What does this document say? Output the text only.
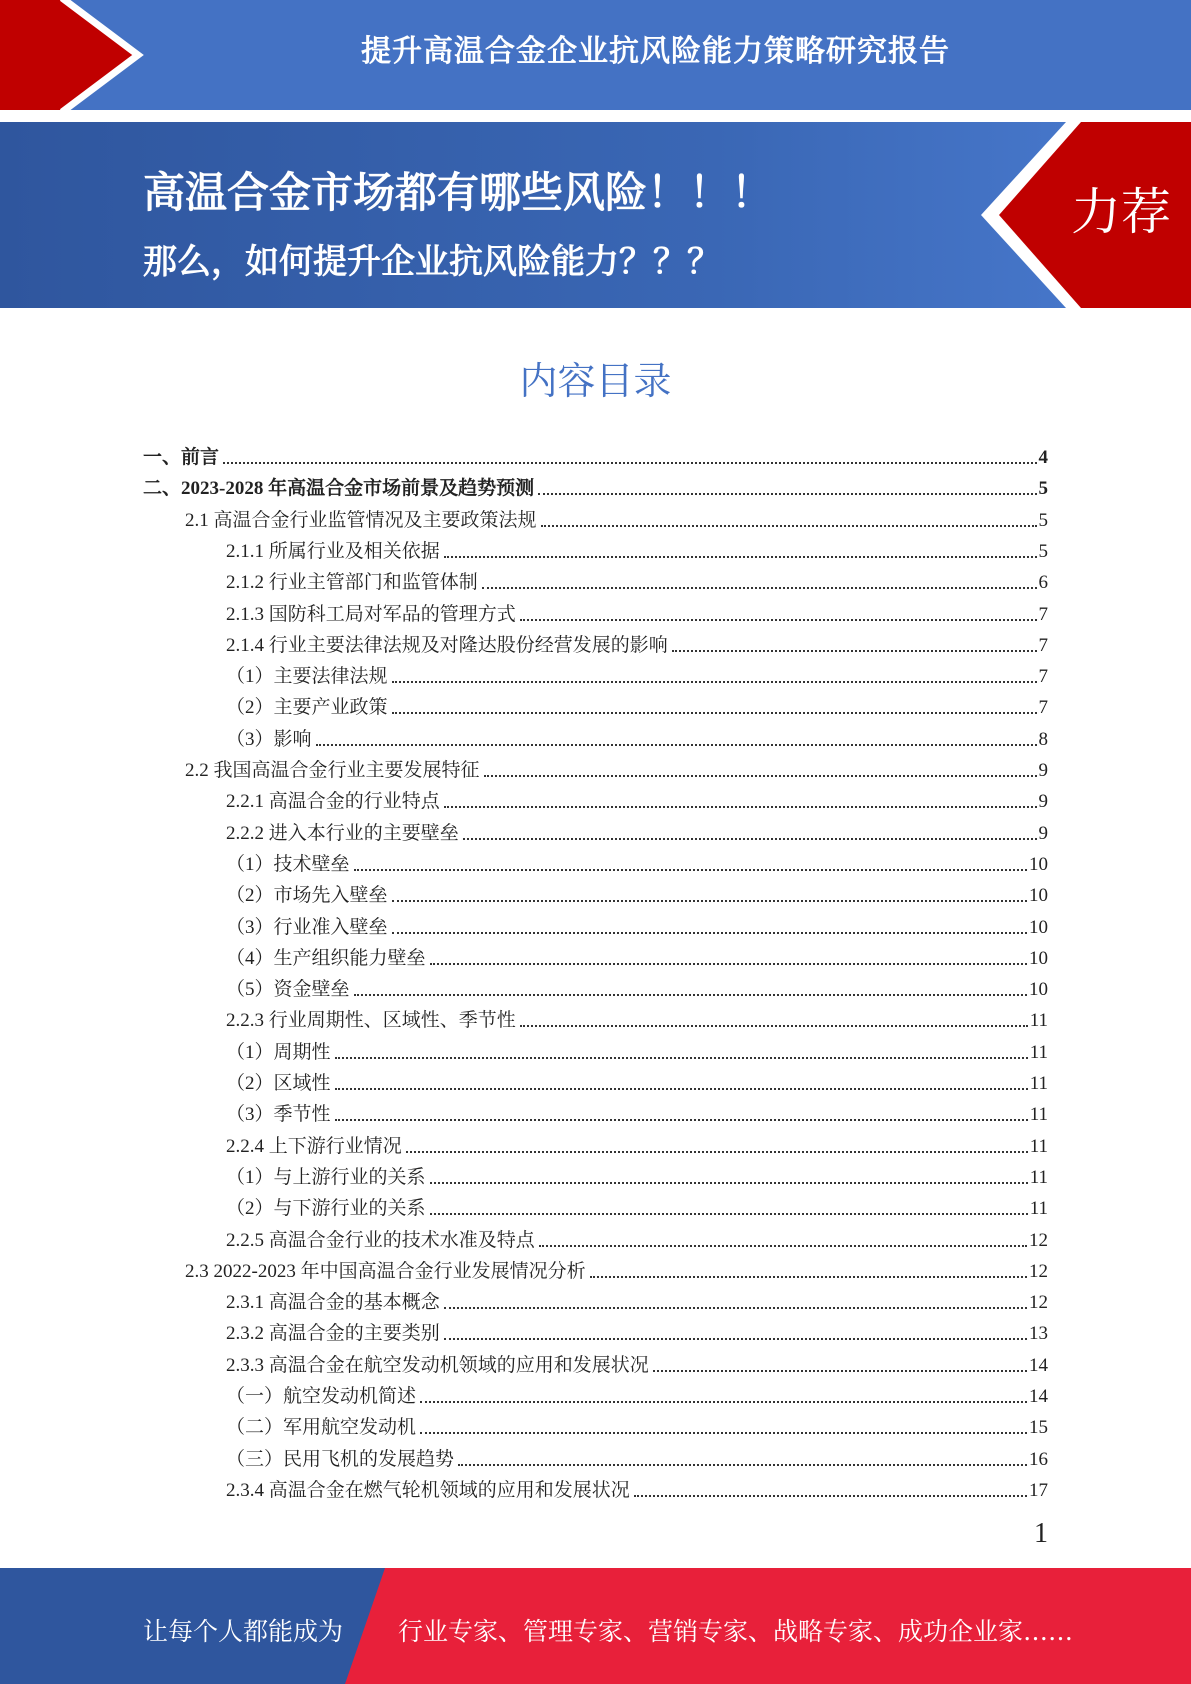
提升高温合金企业抗风险能力策略研究报告
高温合金市场都有哪些风险！！！
那么，如何提升企业抗风险能力？？？
力荐
内容目录
一、前言	4
二、2023-2028 年高温合金市场前景及趋势预测	5
2.1 高温合金行业监管情况及主要政策法规	5
2.1.1 所属行业及相关依据	5
2.1.2 行业主管部门和监管体制	6
2.1.3 国防科工局对军品的管理方式	7
2.1.4 行业主要法律法规及对隆达股份经营发展的影响	7
（1）主要法律法规	7
（2）主要产业政策	7
（3）影响	8
2.2 我国高温合金行业主要发展特征	9
2.2.1 高温合金的行业特点	9
2.2.2 进入本行业的主要壁垒	9
（1）技术壁垒	10
（2）市场先入壁垒	10
（3）行业准入壁垒	10
（4）生产组织能力壁垒	10
（5）资金壁垒	10
2.2.3 行业周期性、区域性、季节性	11
（1）周期性	11
（2）区域性	11
（3）季节性	11
2.2.4 上下游行业情况	11
（1）与上游行业的关系	11
（2）与下游行业的关系	11
2.2.5 高温合金行业的技术水准及特点	12
2.3 2022-2023 年中国高温合金行业发展情况分析	12
2.3.1 高温合金的基本概念	12
2.3.2 高温合金的主要类别	13
2.3.3 高温合金在航空发动机领域的应用和发展状况	14
（一）航空发动机简述	14
（二）军用航空发动机	15
（三）民用飞机的发展趋势	16
2.3.4 高温合金在燃气轮机领域的应用和发展状况	17
1
让每个人都能成为 行业专家、管理专家、营销专家、战略专家、成功企业家……
